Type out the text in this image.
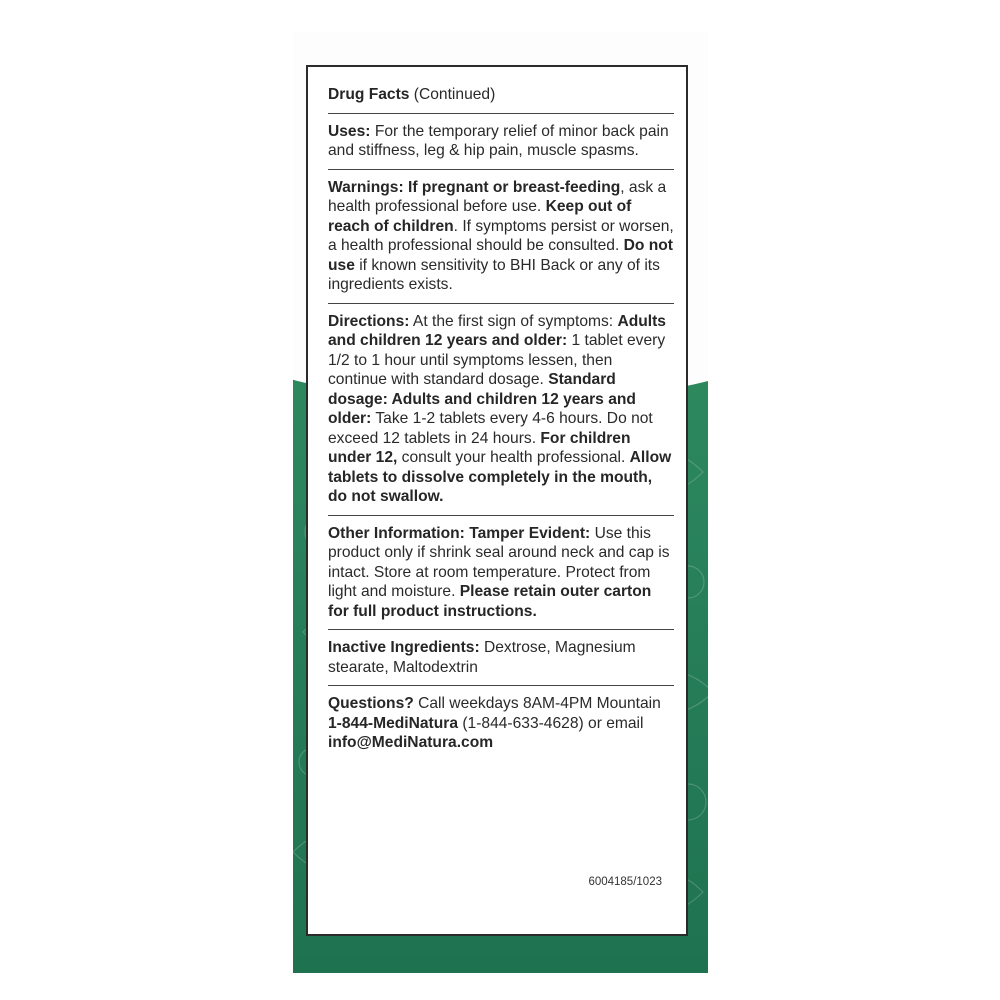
Drug Facts (Continued)

Uses: For the temporary relief of minor back pain and stiffness, leg & hip pain, muscle spasms.

Warnings: If pregnant or breast-feeding, ask a health professional before use. Keep out of reach of children. If symptoms persist or worsen, a health professional should be consulted. Do not use if known sensitivity to BHI Back or any of its ingredients exists.

Directions: At the first sign of symptoms: Adults and children 12 years and older: 1 tablet every 1/2 to 1 hour until symptoms lessen, then continue with standard dosage. Standard dosage: Adults and children 12 years and older: Take 1-2 tablets every 4-6 hours. Do not exceed 12 tablets in 24 hours. For children under 12, consult your health professional. Allow tablets to dissolve completely in the mouth, do not swallow.

Other Information: Tamper Evident: Use this product only if shrink seal around neck and cap is intact. Store at room temperature. Protect from light and moisture. Please retain outer carton for full product instructions.

Inactive Ingredients: Dextrose, Magnesium stearate, Maltodextrin

Questions? Call weekdays 8AM-4PM Mountain 1-844-MediNatura (1-844-633-4628) or email info@MediNatura.com

6004185/1023
